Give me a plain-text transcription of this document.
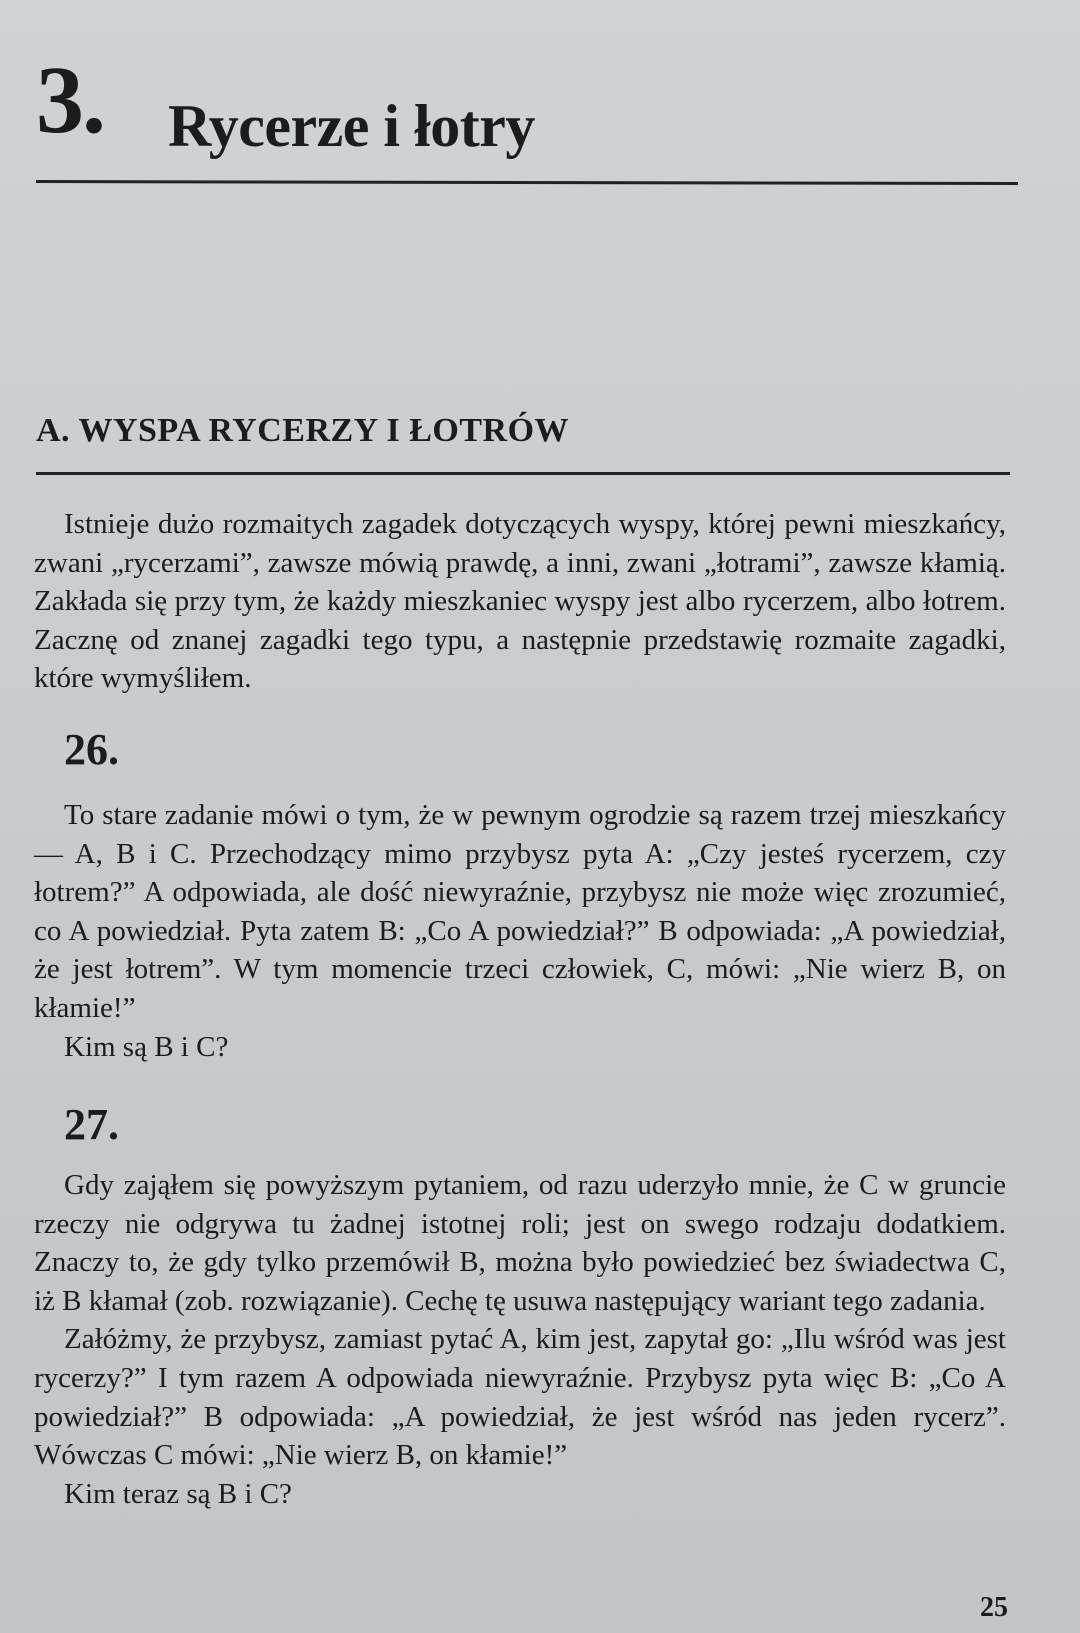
3. Rycerze i łotry
A. WYSPA RYCERZY I ŁOTRÓW

Istnieje dużo rozmaitych zagadek dotyczących wyspy, której pewni mieszkańcy, zwani „rycerzami”, zawsze mówią prawdę, a inni, zwani „łotrami”, zawsze kłamią. Zakłada się przy tym, że każdy mieszkaniec wyspy jest albo rycerzem, albo łotrem. Zacznę od znanej zagadki tego typu, a następnie przedstawię rozmaite zagadki, które wymyśliłem.

26.

To stare zadanie mówi o tym, że w pewnym ogrodzie są razem trzej mieszkańcy — A, B i C. Przechodzący mimo przybysz pyta A: „Czy jesteś rycerzem, czy łotrem?” A odpowiada, ale dość niewyraźnie, przybysz nie może więc zrozumieć, co A powiedział. Pyta zatem B: „Co A powiedział?” B odpowiada: „A powiedział, że jest łotrem”. W tym momencie trzeci człowiek, C, mówi: „Nie wierz B, on kłamie!”

Kim są B i C?

27.

Gdy zająłem się powyższym pytaniem, od razu uderzyło mnie, że C w gruncie rzeczy nie odgrywa tu żadnej istotnej roli; jest on swego rodzaju dodatkiem. Znaczy to, że gdy tylko przemówił B, można było powiedzieć bez świadectwa C, iż B kłamał (zob. rozwiązanie). Cechę tę usuwa następujący wariant tego zadania.

Załóżmy, że przybysz, zamiast pytać A, kim jest, zapytał go: „Ilu wśród was jest rycerzy?” I tym razem A odpowiada niewyraźnie. Przybysz pyta więc B: „Co A powiedział?” B odpowiada: „A powiedział, że jest wśród nas jeden rycerz”. Wówczas C mówi: „Nie wierz B, on kłamie!”

Kim teraz są B i C?

25
